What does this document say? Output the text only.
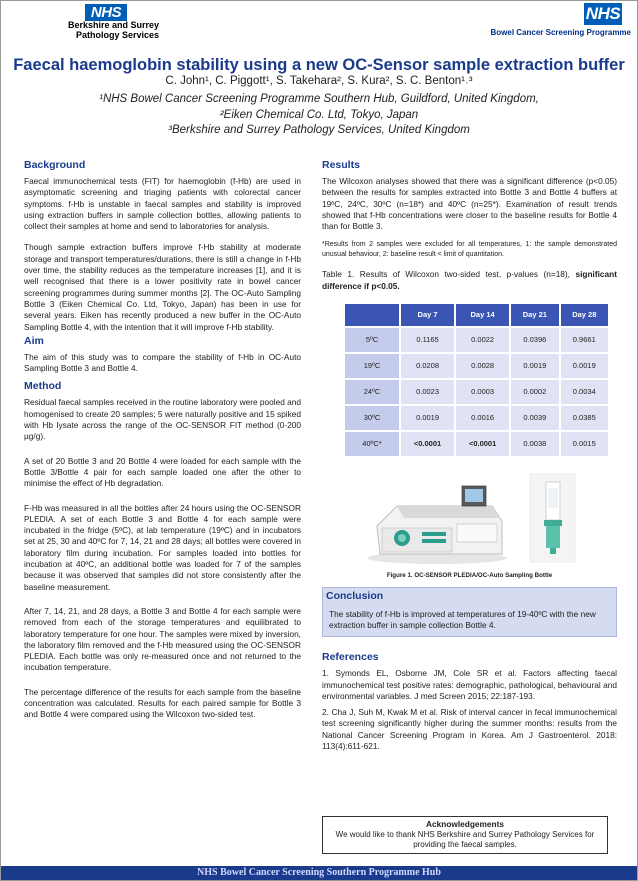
NHS
Berkshire and Surrey
Pathology Services
NHS
Bowel Cancer Screening Programme
Faecal haemoglobin stability using a new OC-Sensor sample extraction buffer
C. John¹, C. Piggott¹, S. Takehara², S. Kura², S. C. Benton¹˒³
¹NHS Bowel Cancer Screening Programme Southern Hub, Guildford, United Kingdom,
²Eiken Chemical Co. Ltd, Tokyo, Japan
³Berkshire and Surrey Pathology Services, United Kingdom
Background

Faecal immunochemical tests (FIT) for haemoglobin (f-Hb) are used in asymptomatic screening and triaging patients with colorectal cancer symptoms. f-Hb is unstable in faecal samples and stability is improved using extraction buffers in sample collection bottles, allowing patients to collect their samples at home and send to laboratories for analysis.

Though sample extraction buffers improve f-Hb stability at moderate storage and transport temperatures/durations, there is still a change in f-Hb over time, the stability reduces as the temperature increases [1], and it is well recognised that there is a lower positivity rate in bowel cancer screening programmes during summer months [2]. The OC-Auto Sampling Bottle 3 (Eiken Chemical Co. Ltd, Tokyo, Japan) has been in use for several years. Eiken has recently produced a new buffer in the OC-Auto Sampling Bottle 4, with the intention that it will improve f-Hb stability.

Aim

The aim of this study was to compare the stability of f-Hb in OC-Auto Sampling Bottle 3 and Bottle 4.

Method

Residual faecal samples received in the routine laboratory were pooled and homogenised to create 20 samples; 5 were naturally positive and 15 spiked with Hb lysate across the range of the OC-SENSOR FIT method (0-200 µg/g).

A set of 20 Bottle 3 and 20 Bottle 4 were loaded for each sample with the Bottle 3/Bottle 4 pair for each sample loaded one after the other to minimise the effect of Hb degradation.

F-Hb was measured in all the bottles after 24 hours using the OC-SENSOR PLEDIA. A set of each Bottle 3 and Bottle 4 for each sample were incubated in the fridge (5ºC), at lab temperature (19ºC) and in incubators set at 25, 30 and 40ºC for 7, 14, 21 and 28 days; all bottles were covered in laboratory film during incubation. For samples loaded into bottles for incubation at 40ºC, an additional bottle was loaded for 7 of the samples because it was observed that samples did not store consistently after the baseline measurement.

After 7, 14, 21, and 28 days, a Bottle 3 and Bottle 4 for each sample were removed from each of the storage temperatures and equilibrated to laboratory temperature for one hour. The samples were mixed by inversion, the laboratory film removed and the f-Hb measured using the OC-SENSOR PLEDIA. Each bottle was only re-measured once and not returned to the incubation temperature.

The percentage difference of the results for each sample from the baseline concentration was calculated. Results for each paired sample for Bottle 3 and Bottle 4 were compared using the Wilcoxon two-sided test.

Results

The Wilcoxon analyses showed that there was a significant difference (p<0.05) between the results for samples extracted into Bottle 3 and Bottle 4 buffers at 19ºC, 24ºC, 30ºC (n=18*) and 40ºC (n=25*). Examination of result trends showed that f-Hb concentrations were closer to the baseline results for Bottle 4 than for Bottle 3.

*Results from 2 samples were excluded for all temperatures, 1: the sample demonstrated unusual behaviour, 2: baseline result < limit of quantitation.

Table 1. Results of Wilcoxon two-sided test, p-values (n=18), significant difference if p<0.05.

	Day 7	Day 14	Day 21	Day 28
5ºC	0.1165	0.0022	0.0396	0.9661
19ºC	0.0208	0.0028	0.0019	0.0019
24ºC	0.0023	0.0003	0.0002	0.0034
30ºC	0.0019	0.0016	0.0039	0.0385
40ºC*	<0.0001	<0.0001	0.0038	0.0015
Figure 1. OC-SENSOR PLEDIA/OC-Auto Sampling Bottle
Conclusion
The stability of f-Hb is improved at temperatures of 19-40ºC with the new extraction buffer in sample collection Bottle 4.
References

1. Symonds EL, Osborne JM, Cole SR et al. Factors affecting faecal immunochemical test positive rates: demographic, pathological, behavioural and environmental variables. J med Screen 2015; 22:187-193.

2. Cha J, Suh M, Kwak M et al. Risk of interval cancer in fecal immunochemical test screening significantly higher during the summer months: results from the National Cancer Screening Program in Korea. Am J Gastroenterol. 2018: 113(4):611-621.

Acknowledgements
We would like to thank NHS Berkshire and Surrey Pathology Services for providing the faecal samples.
NHS Bowel Cancer Screening Southern Programme Hub
